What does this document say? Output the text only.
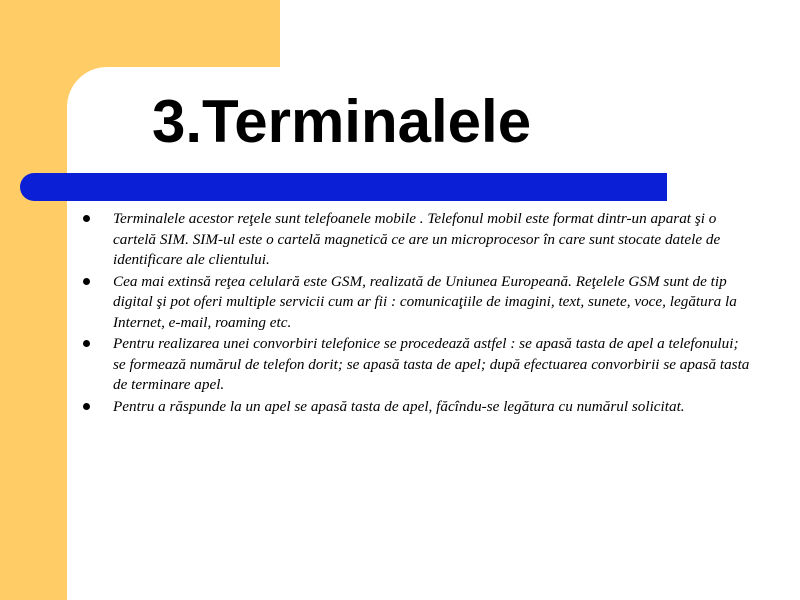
3.Terminalele
Terminalele acestor reţele sunt telefoanele mobile . Telefonul mobil este format dintr-un aparat şi o cartelă SIM. SIM-ul este o cartelă magnetică ce are un microprocesor în care sunt stocate datele de identificare ale clientului.
Cea mai extinsă reţea celulară este GSM, realizată de Uniunea Europeană. Reţelele GSM sunt de tip digital şi pot oferi multiple servicii cum ar fii : comunicaţiile de imagini, text, sunete, voce, legătura la Internet, e-mail, roaming etc.
Pentru realizarea unei convorbiri telefonice se procedează astfel : se apasă tasta de apel a telefonului; se formează numărul de telefon dorit; se apasă tasta de apel; după efectuarea convorbirii se apasă tasta de terminare apel.
Pentru a răspunde la un apel se apasă tasta de apel, făcîndu-se legătura cu numărul solicitat.
